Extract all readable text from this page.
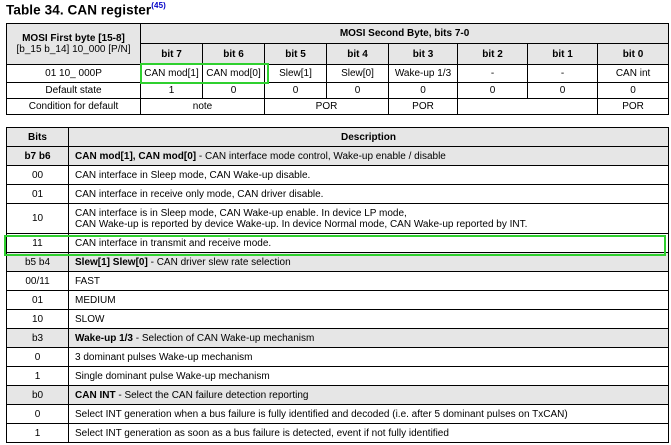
Table 34. CAN register$^{(45)}$
MOSI First byte [15-8]
[b_15 b_14] 10_000 [P/N]	MOSI Second Byte, bits 7-0							
	bit 7	bit 6	bit 5	bit 4	bit 3	bit 2	bit 1	bit 0
01 10_ 000P	CAN mod[1]	CAN mod[0]	Slew[1]	Slew[0]	Wake-up 1/3	-	-	CAN int
Default state	1	0	0	0	0	0	0	0
Condition for default	note		POR		POR			POR
Bits	Description
b7 b6	CAN mod[1], CAN mod[0] - CAN interface mode control, Wake-up enable / disable
00	CAN interface in Sleep mode, CAN Wake-up disable.
01	CAN interface in receive only mode, CAN driver disable.
10	CAN interface is in Sleep mode, CAN Wake-up enable. In device LP mode,
CAN Wake-up is reported by device Wake-up. In device Normal mode, CAN Wake-up reported by INT.

11	CAN interface in transmit and receive mode.
b5 b4	Slew[1] Slew[0] - CAN driver slew rate selection
00/11	FAST
01	MEDIUM
10	SLOW
b3	Wake-up 1/3 - Selection of CAN Wake-up mechanism
0	3 dominant pulses Wake-up mechanism
1	Single dominant pulse Wake-up mechanism
b0	CAN INT - Select the CAN failure detection reporting
0	Select INT generation when a bus failure is fully identified and decoded (i.e. after 5 dominant pulses on TxCAN)
1	Select INT generation as soon as a bus failure is detected, event if not fully identified
